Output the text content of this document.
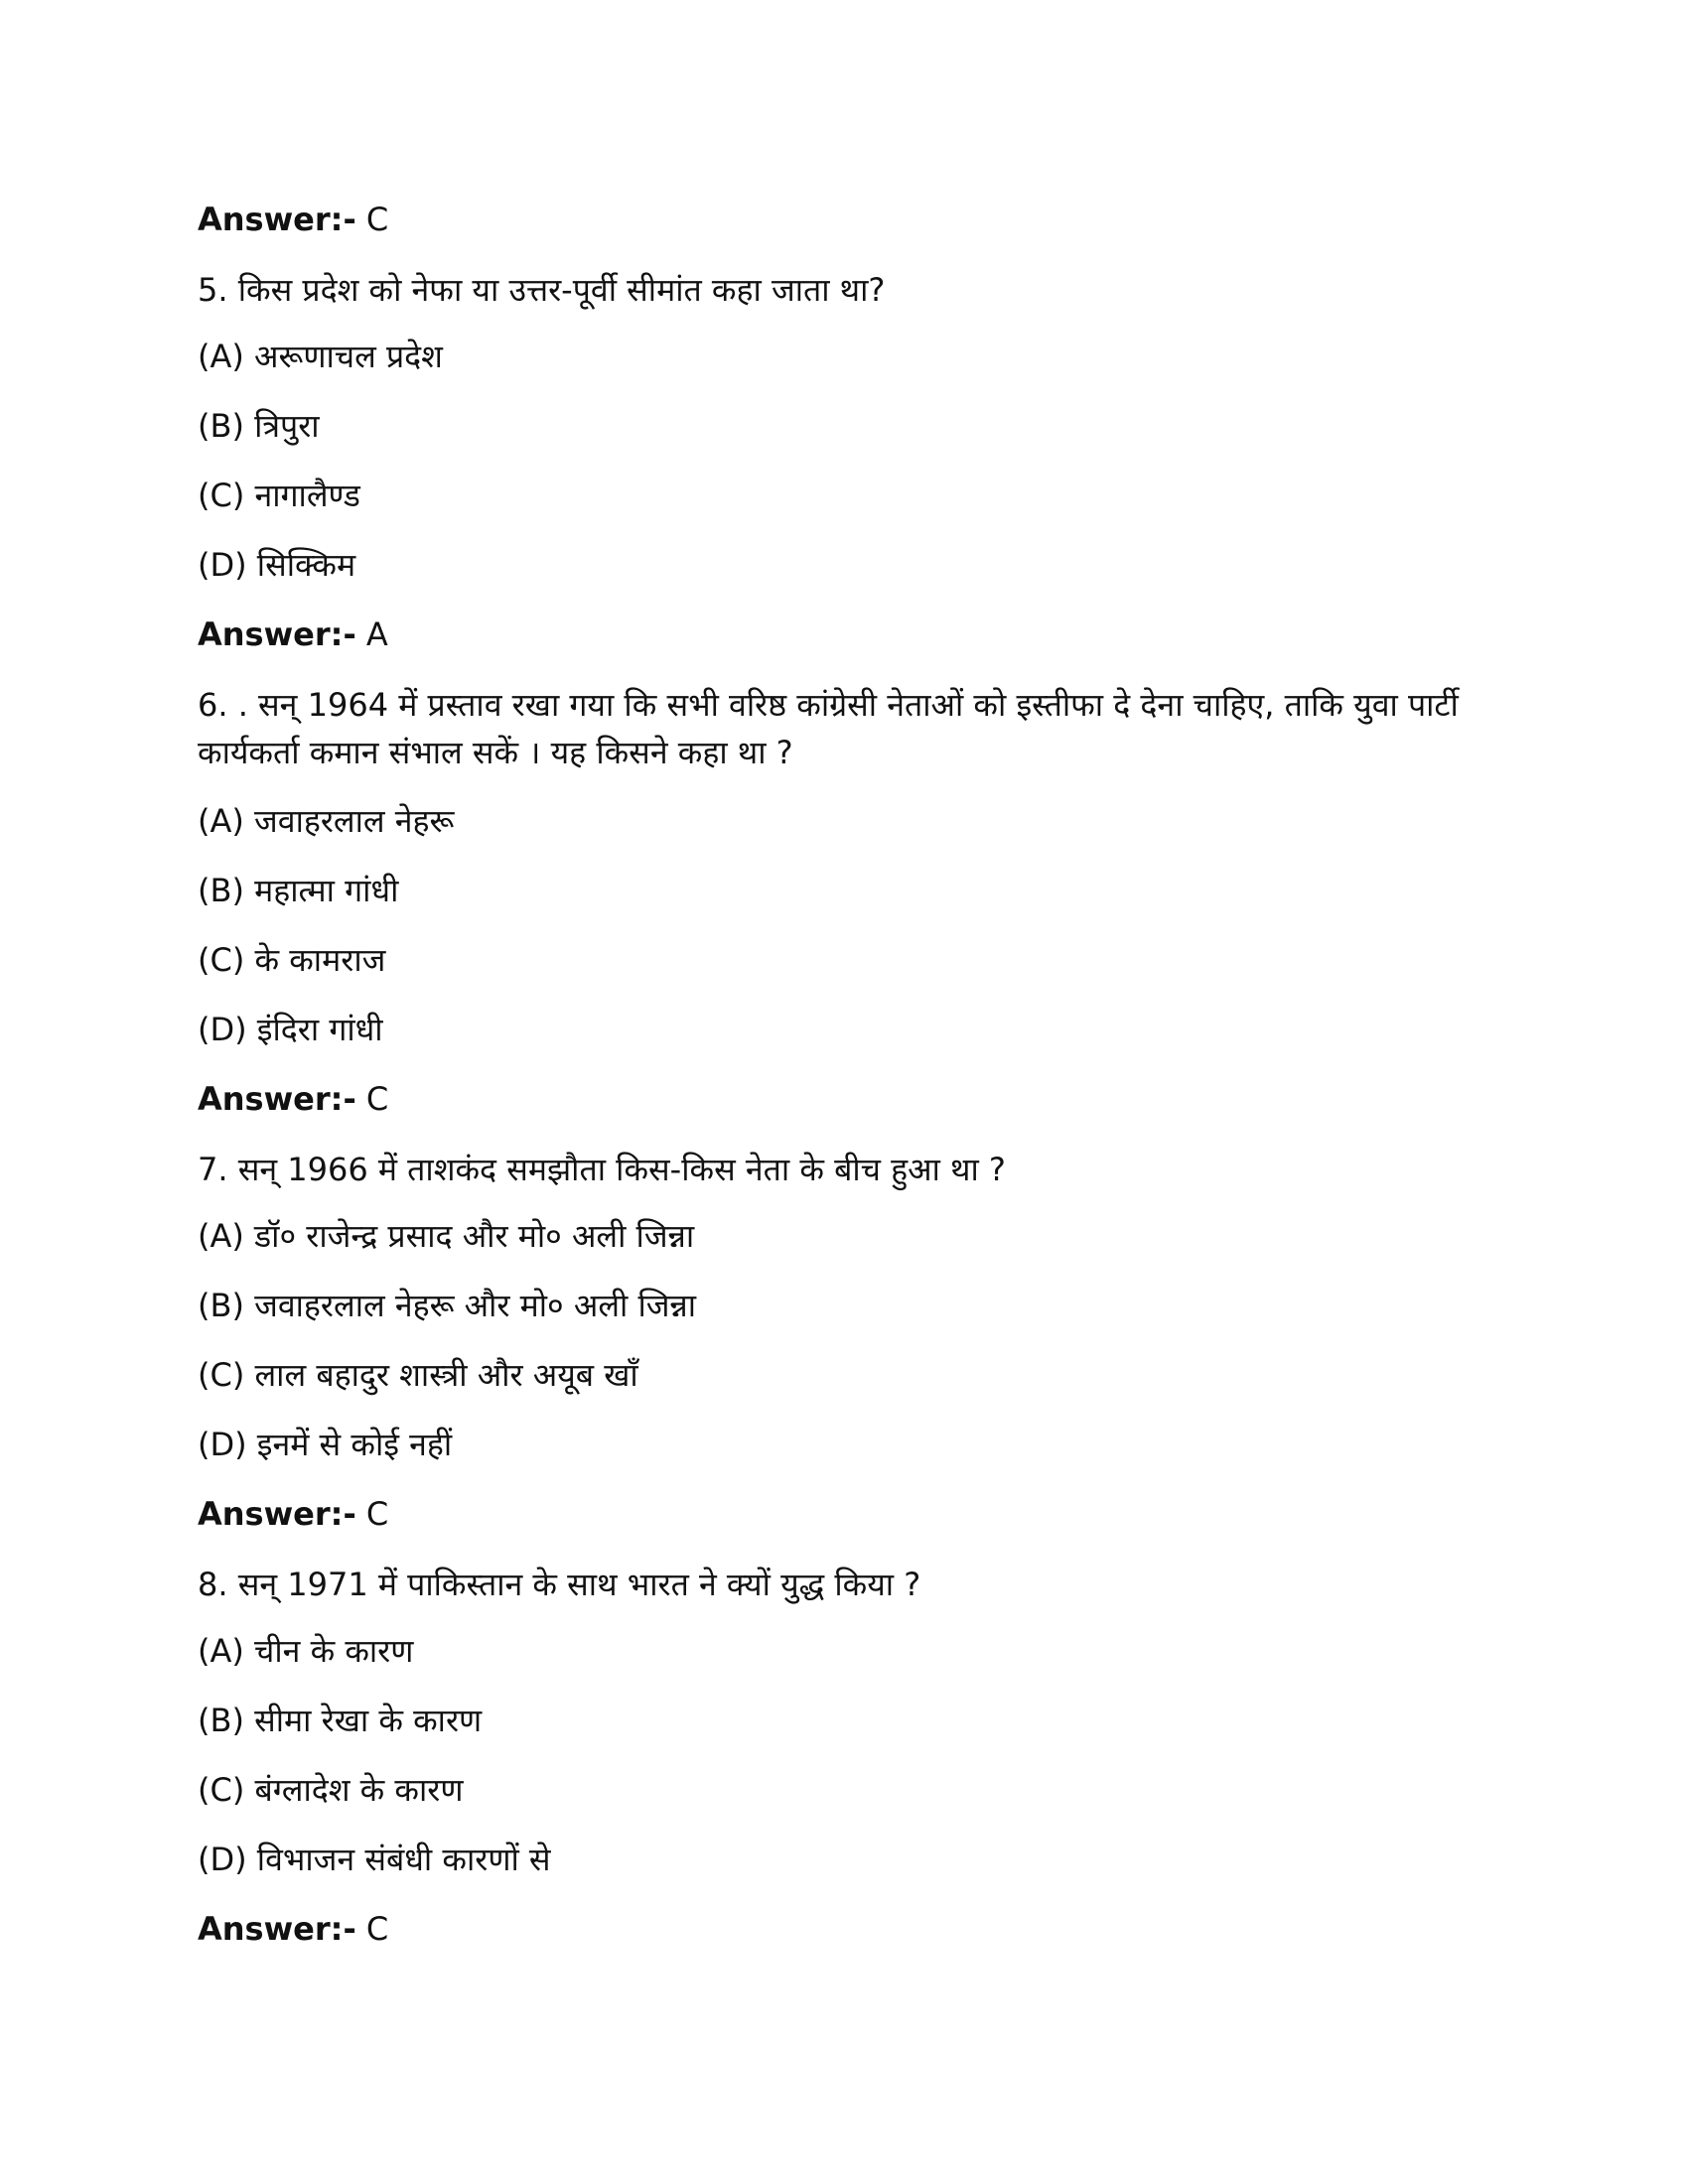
Answer:- C
5. किस प्रदेश को नेफा या उत्तर-पूर्वी सीमांत कहा जाता था?
(A) अरूणाचल प्रदेश
(B) त्रिपुरा
(C) नागालैण्ड
(D) सिक्किम
Answer:- A
6. . सन् 1964 में प्रस्ताव रखा गया कि सभी वरिष्ठ कांग्रेसी नेताओं को इस्तीफा दे देना चाहिए, ताकि युवा पार्टी कार्यकर्ता कमान संभाल सकें । यह किसने कहा था ?
(A) जवाहरलाल नेहरू
(B) महात्मा गांधी
(C) के कामराज
(D) इंदिरा गांधी
Answer:- C
7. सन् 1966 में ताशकंद समझौता किस-किस नेता के बीच हुआ था ?
(A) डॉ० राजेन्द्र प्रसाद और मो० अली जिन्ना
(B) जवाहरलाल नेहरू और मो० अली जिन्ना
(C) लाल बहादुर शास्त्री और अयूब खाँ
(D) इनमें से कोई नहीं
Answer:- C
8. सन् 1971 में पाकिस्तान के साथ भारत ने क्यों युद्ध किया ?
(A) चीन के कारण
(B) सीमा रेखा के कारण
(C) बंग्लादेश के कारण
(D) विभाजन संबंधी कारणों से
Answer:- C
